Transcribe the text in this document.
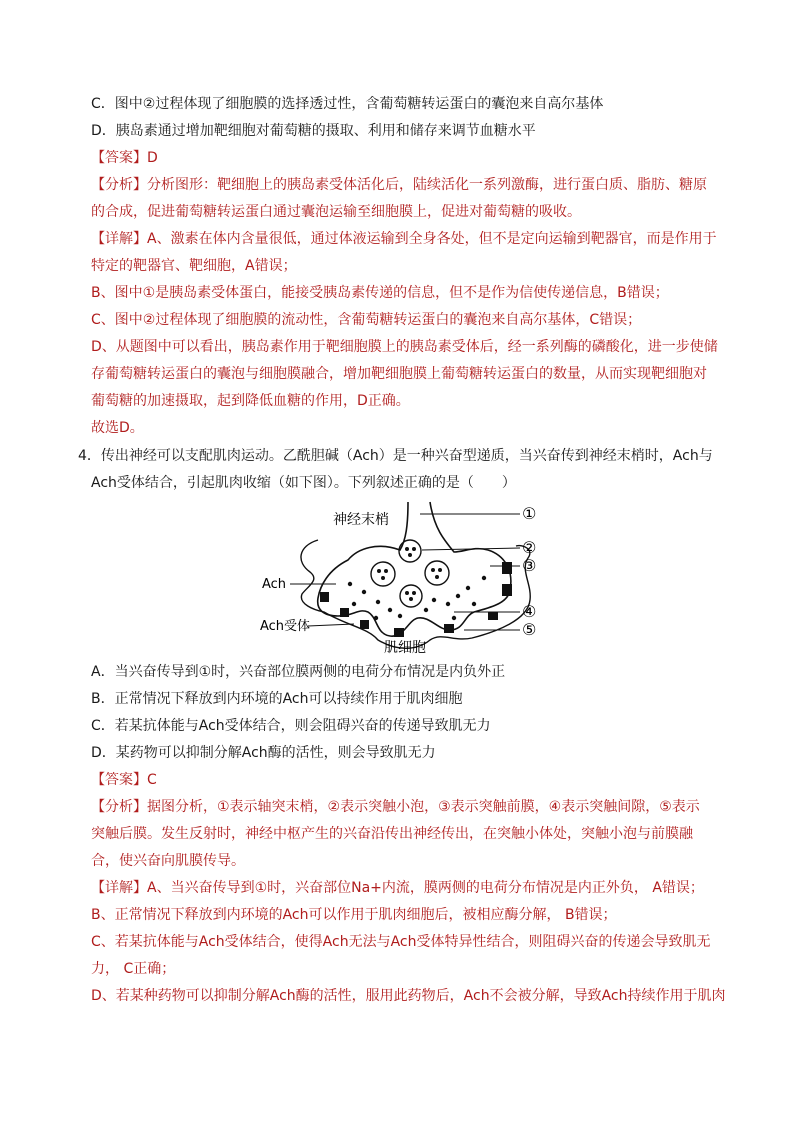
C．图中②过程体现了细胞膜的选择透过性，含葡萄糖转运蛋白的囊泡来自高尔基体
D．胰岛素通过增加靶细胞对葡萄糖的摄取、利用和储存来调节血糖水平
【答案】D
【分析】分析图形：靶细胞上的胰岛素受体活化后，陆续活化一系列激酶，进行蛋白质、脂肪、糖原
的合成，促进葡萄糖转运蛋白通过囊泡运输至细胞膜上，促进对葡萄糖的吸收。
【详解】A、激素在体内含量很低，通过体液运输到全身各处，但不是定向运输到靶器官，而是作用于
特定的靶器官、靶细胞，A错误；
B、图中①是胰岛素受体蛋白，能接受胰岛素传递的信息，但不是作为信使传递信息，B错误；
C、图中②过程体现了细胞膜的流动性，含葡萄糖转运蛋白的囊泡来自高尔基体，C错误；
D、从题图中可以看出，胰岛素作用于靶细胞膜上的胰岛素受体后，经一系列酶的磷酸化，进一步使储
存葡萄糖转运蛋白的囊泡与细胞膜融合，增加靶细胞膜上葡萄糖转运蛋白的数量，从而实现靶细胞对
葡萄糖的加速摄取，起到降低血糖的作用，D正确。
故选D。
4．传出神经可以支配肌肉运动。乙酰胆碱（Ach）是一种兴奋型递质，当兴奋传到神经末梢时，Ach与
Ach受体结合，引起肌肉收缩（如下图）。下列叙述正确的是（　　）
神经末梢
Ach
Ach受体
肌细胞
①
②
③
④
⑤
A．当兴奋传导到①时，兴奋部位膜两侧的电荷分布情况是内负外正
B．正常情况下释放到内环境的Ach可以持续作用于肌肉细胞
C．若某抗体能与Ach受体结合，则会阻碍兴奋的传递导致肌无力
D．某药物可以抑制分解Ach酶的活性，则会导致肌无力
【答案】C
【分析】据图分析，①表示轴突末梢，②表示突触小泡，③表示突触前膜，④表示突触间隙，⑤表示
突触后膜。发生反射时，神经中枢产生的兴奋沿传出神经传出，在突触小体处，突触小泡与前膜融
合，使兴奋向肌膜传导。
【详解】A、当兴奋传导到①时，兴奋部位Na+内流，膜两侧的电荷分布情况是内正外负， A错误；
B、正常情况下释放到内环境的Ach可以作用于肌肉细胞后，被相应酶分解， B错误；
C、若某抗体能与Ach受体结合，使得Ach无法与Ach受体特异性结合，则阻碍兴奋的传递会导致肌无
力， C正确；
D、若某种药物可以抑制分解Ach酶的活性，服用此药物后，Ach不会被分解，导致Ach持续作用于肌肉
